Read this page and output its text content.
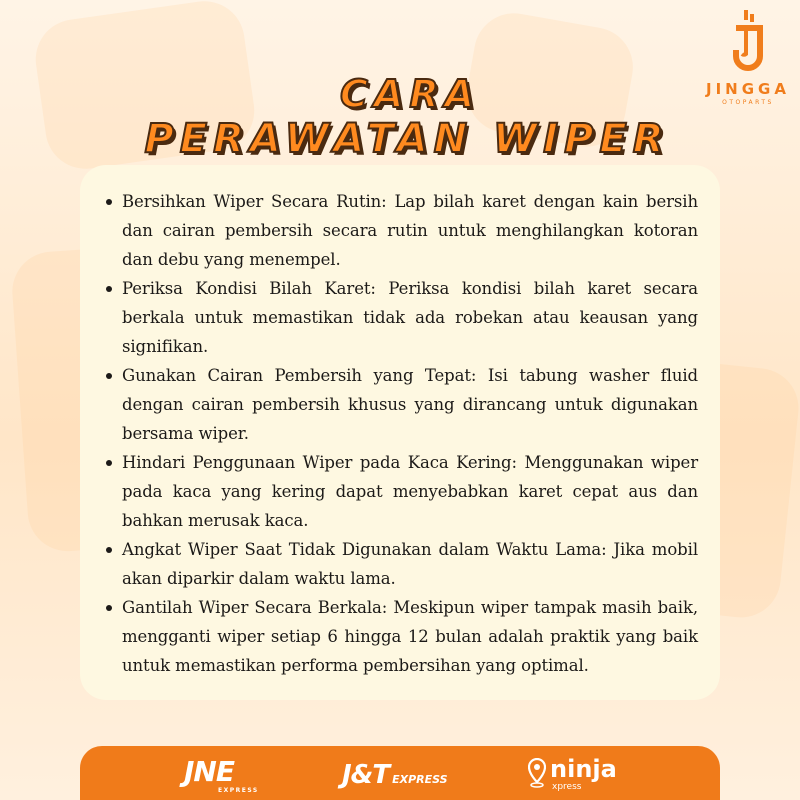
JINGGA
OTOPARTS
CARA
PERAWATAN WIPER
Bersihkan Wiper Secara Rutin: Lap bilah karet dengan kain bersih dan cairan pembersih secara rutin untuk menghilangkan kotoran dan debu yang menempel.
Periksa Kondisi Bilah Karet: Periksa kondisi bilah karet secara berkala untuk memastikan tidak ada robekan atau keausan yang signifikan.
Gunakan Cairan Pembersih yang Tepat: Isi tabung washer fluid dengan cairan pembersih khusus yang dirancang untuk digunakan bersama wiper.
Hindari Penggunaan Wiper pada Kaca Kering: Menggunakan wiper pada kaca yang kering dapat menyebabkan karet cepat aus dan bahkan merusak kaca.
Angkat Wiper Saat Tidak Digunakan dalam Waktu Lama: Jika mobil akan diparkir dalam waktu lama.
Gantilah Wiper Secara Berkala: Meskipun wiper tampak masih baik, mengganti wiper setiap 6 hingga 12 bulan adalah praktik yang baik untuk memastikan performa pembersihan yang optimal.
JNE
EXPRESS
J&T EXPRESS	ninja
xpress
